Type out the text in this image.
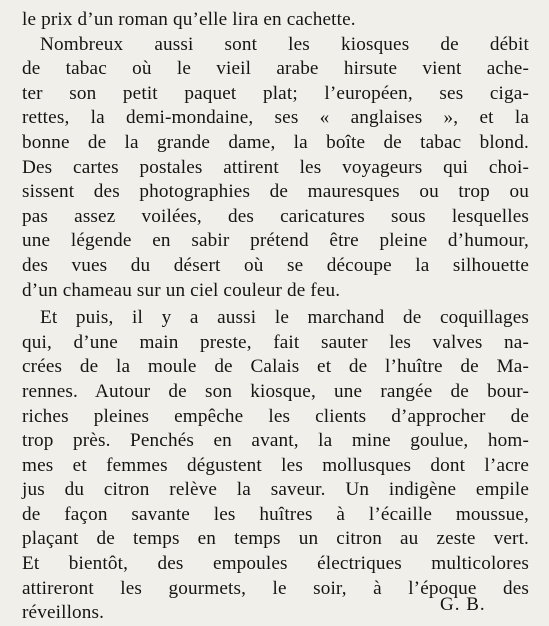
le prix d’un roman qu’elle lira en cachette.
Nombreux aussi sont les kiosques de débit
de tabac où le vieil arabe hirsute vient ache-
ter son petit paquet plat; l’européen, ses ciga-
rettes, la demi-mondaine, ses « anglaises », et la
bonne de la grande dame, la boîte de tabac blond.
Des cartes postales attirent les voyageurs qui choi-
sissent des photographies de mauresques ou trop ou
pas assez voilées, des caricatures sous lesquelles
une légende en sabir prétend être pleine d’humour,
des vues du désert où se découpe la silhouette
d’un chameau sur un ciel couleur de feu.
Et puis, il y a aussi le marchand de coquillages
qui, d’une main preste, fait sauter les valves na-
crées de la moule de Calais et de l’huître de Ma-
rennes. Autour de son kiosque, une rangée de bour-
riches pleines empêche les clients d’approcher de
trop près. Penchés en avant, la mine goulue, hom-
mes et femmes dégustent les mollusques dont l’acre
jus du citron relève la saveur. Un indigène empile
de façon savante les huîtres à l’écaille moussue,
plaçant de temps en temps un citron au zeste vert.
Et bientôt, des empoules électriques multicolores
attireront les gourmets, le soir, à l’époque des
réveillons.	G. B.
